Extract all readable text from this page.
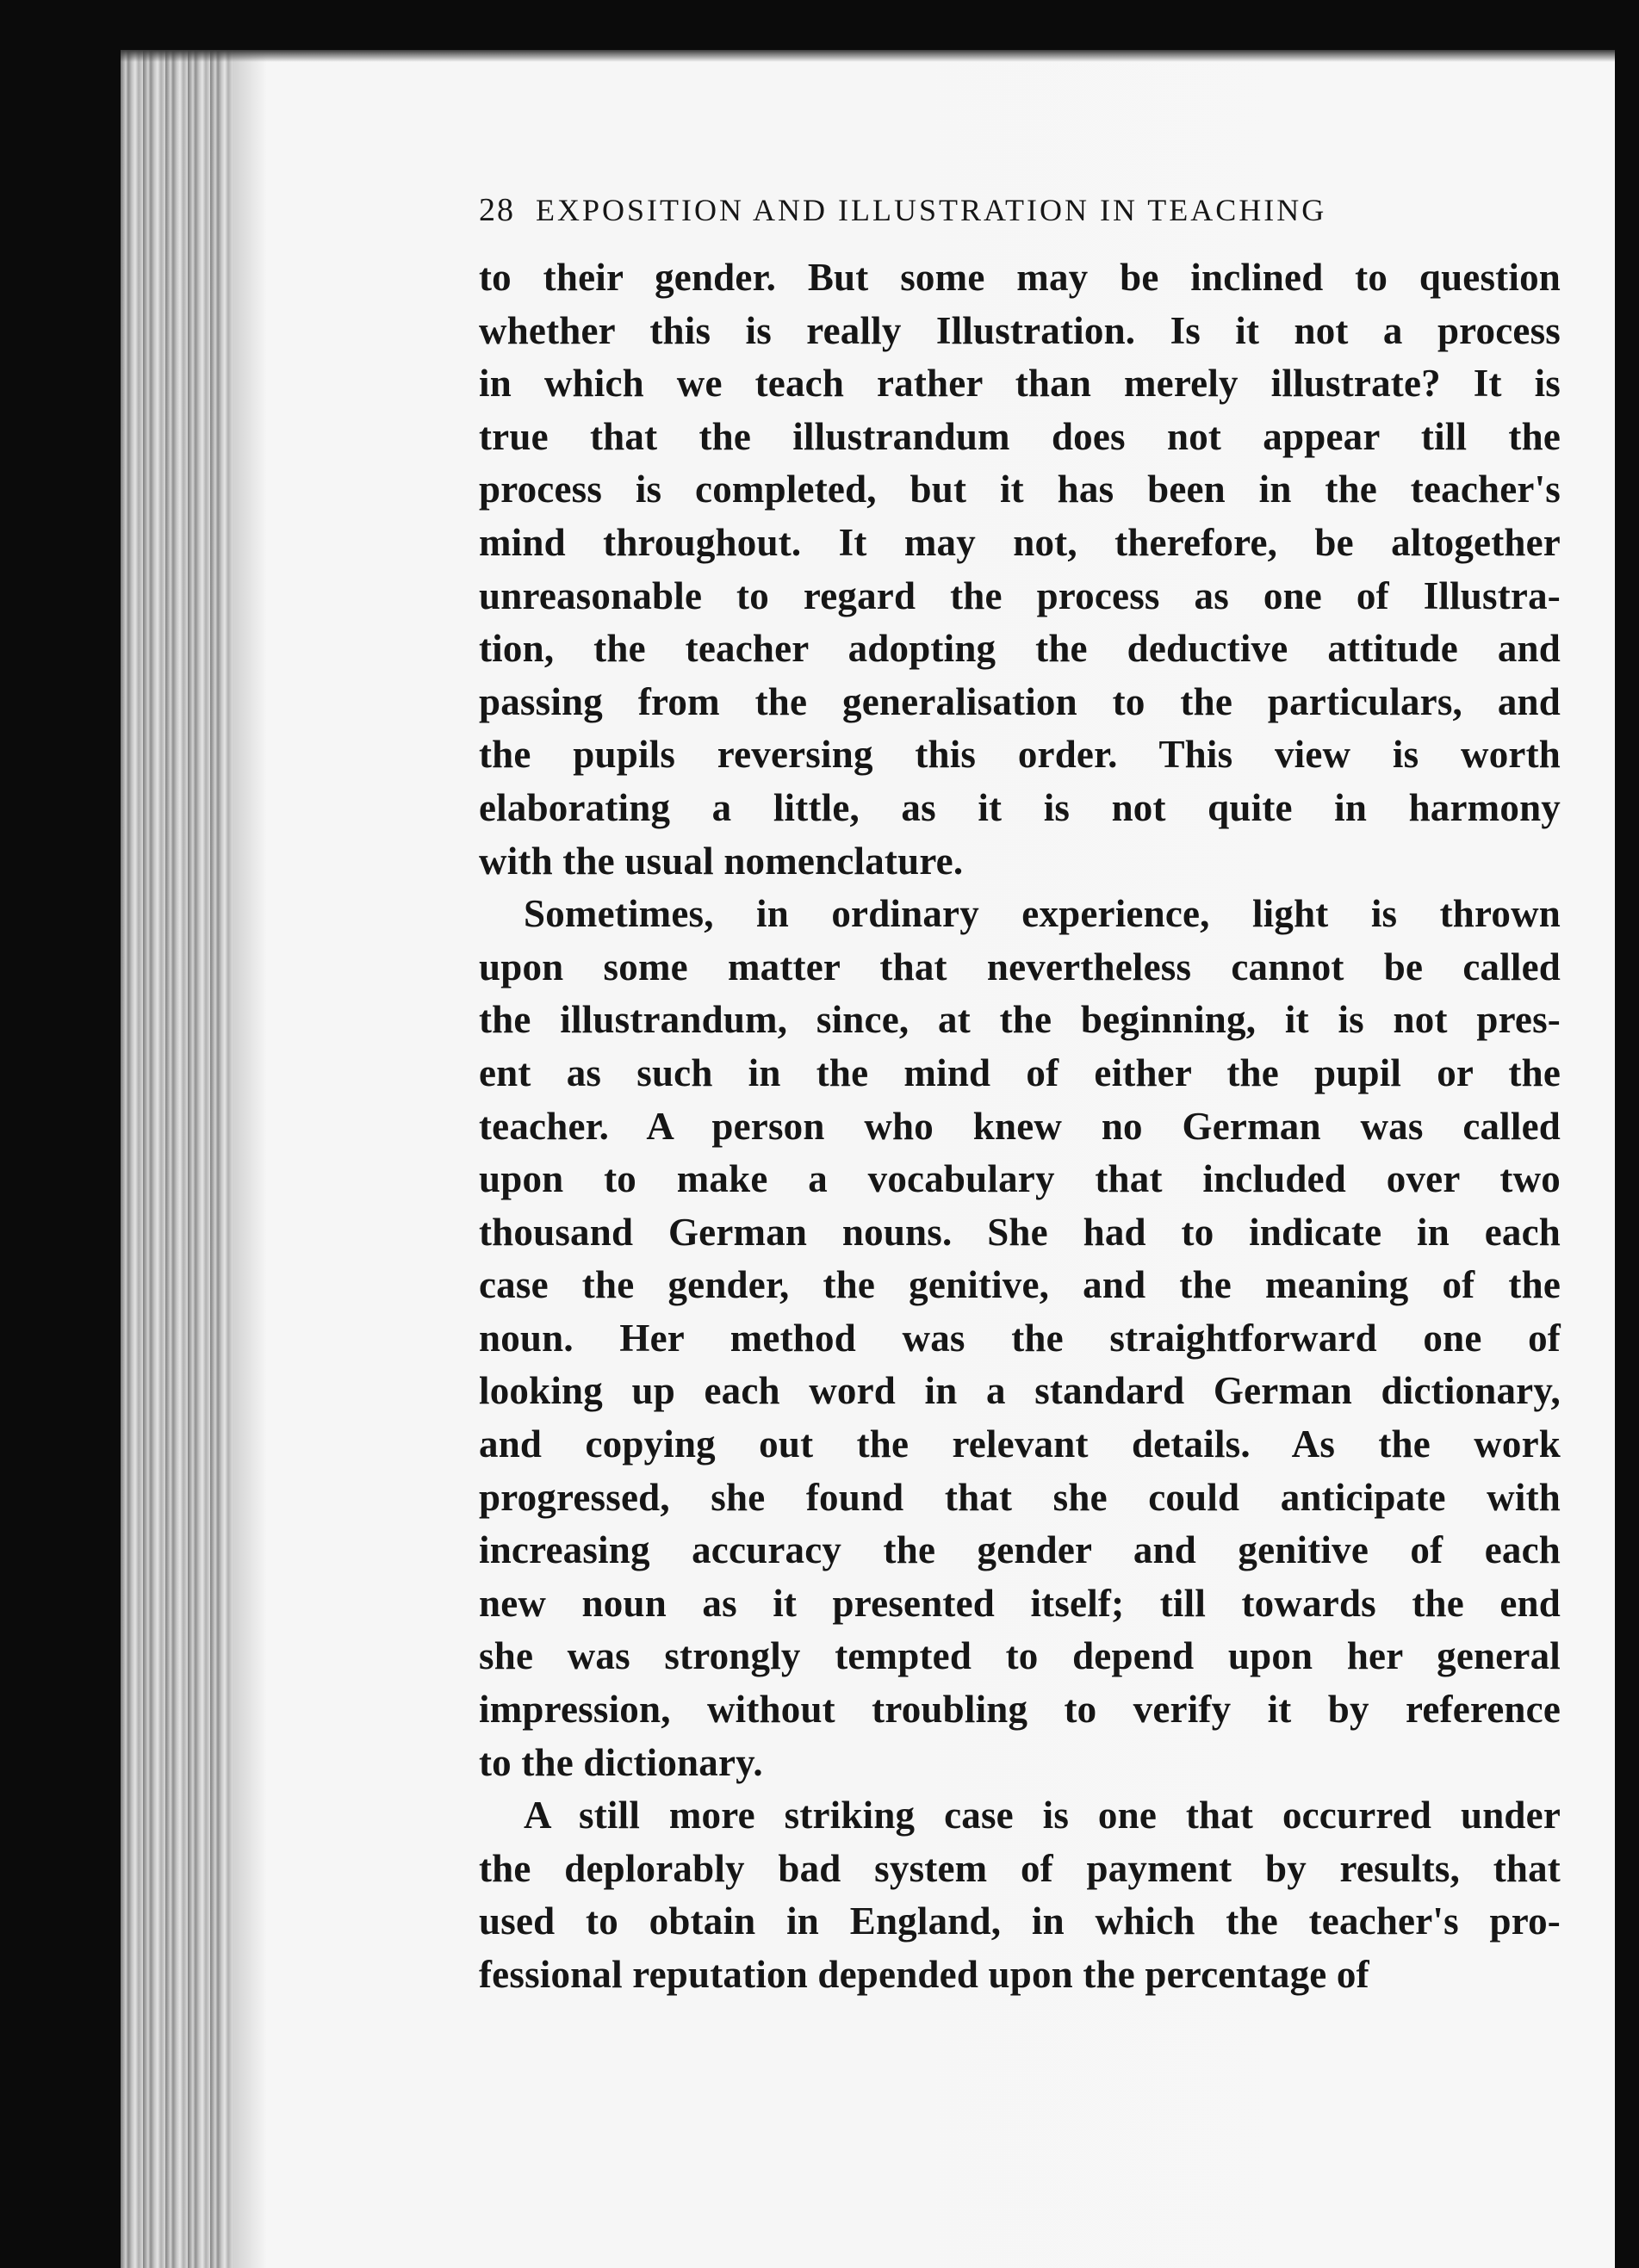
28 EXPOSITION AND ILLUSTRATION IN TEACHING
to their gender. But some may be inclined to question
whether this is really Illustration. Is it not a process
in which we teach rather than merely illustrate? It is
true that the illustrandum does not appear till the
process is completed, but it has been in the teacher's
mind throughout. It may not, therefore, be altogether
unreasonable to regard the process as one of Illustra-
tion, the teacher adopting the deductive attitude and
passing from the generalisation to the particulars, and
the pupils reversing this order. This view is worth
elaborating a little, as it is not quite in harmony
with the usual nomenclature.
Sometimes, in ordinary experience, light is thrown
upon some matter that nevertheless cannot be called
the illustrandum, since, at the beginning, it is not pres-
ent as such in the mind of either the pupil or the
teacher. A person who knew no German was called
upon to make a vocabulary that included over two
thousand German nouns. She had to indicate in each
case the gender, the genitive, and the meaning of the
noun. Her method was the straightforward one of
looking up each word in a standard German dictionary,
and copying out the relevant details. As the work
progressed, she found that she could anticipate with
increasing accuracy the gender and genitive of each
new noun as it presented itself; till towards the end
she was strongly tempted to depend upon her general
impression, without troubling to verify it by reference
to the dictionary.
A still more striking case is one that occurred under
the deplorably bad system of payment by results, that
used to obtain in England, in which the teacher's pro-
fessional reputation depended upon the percentage of
